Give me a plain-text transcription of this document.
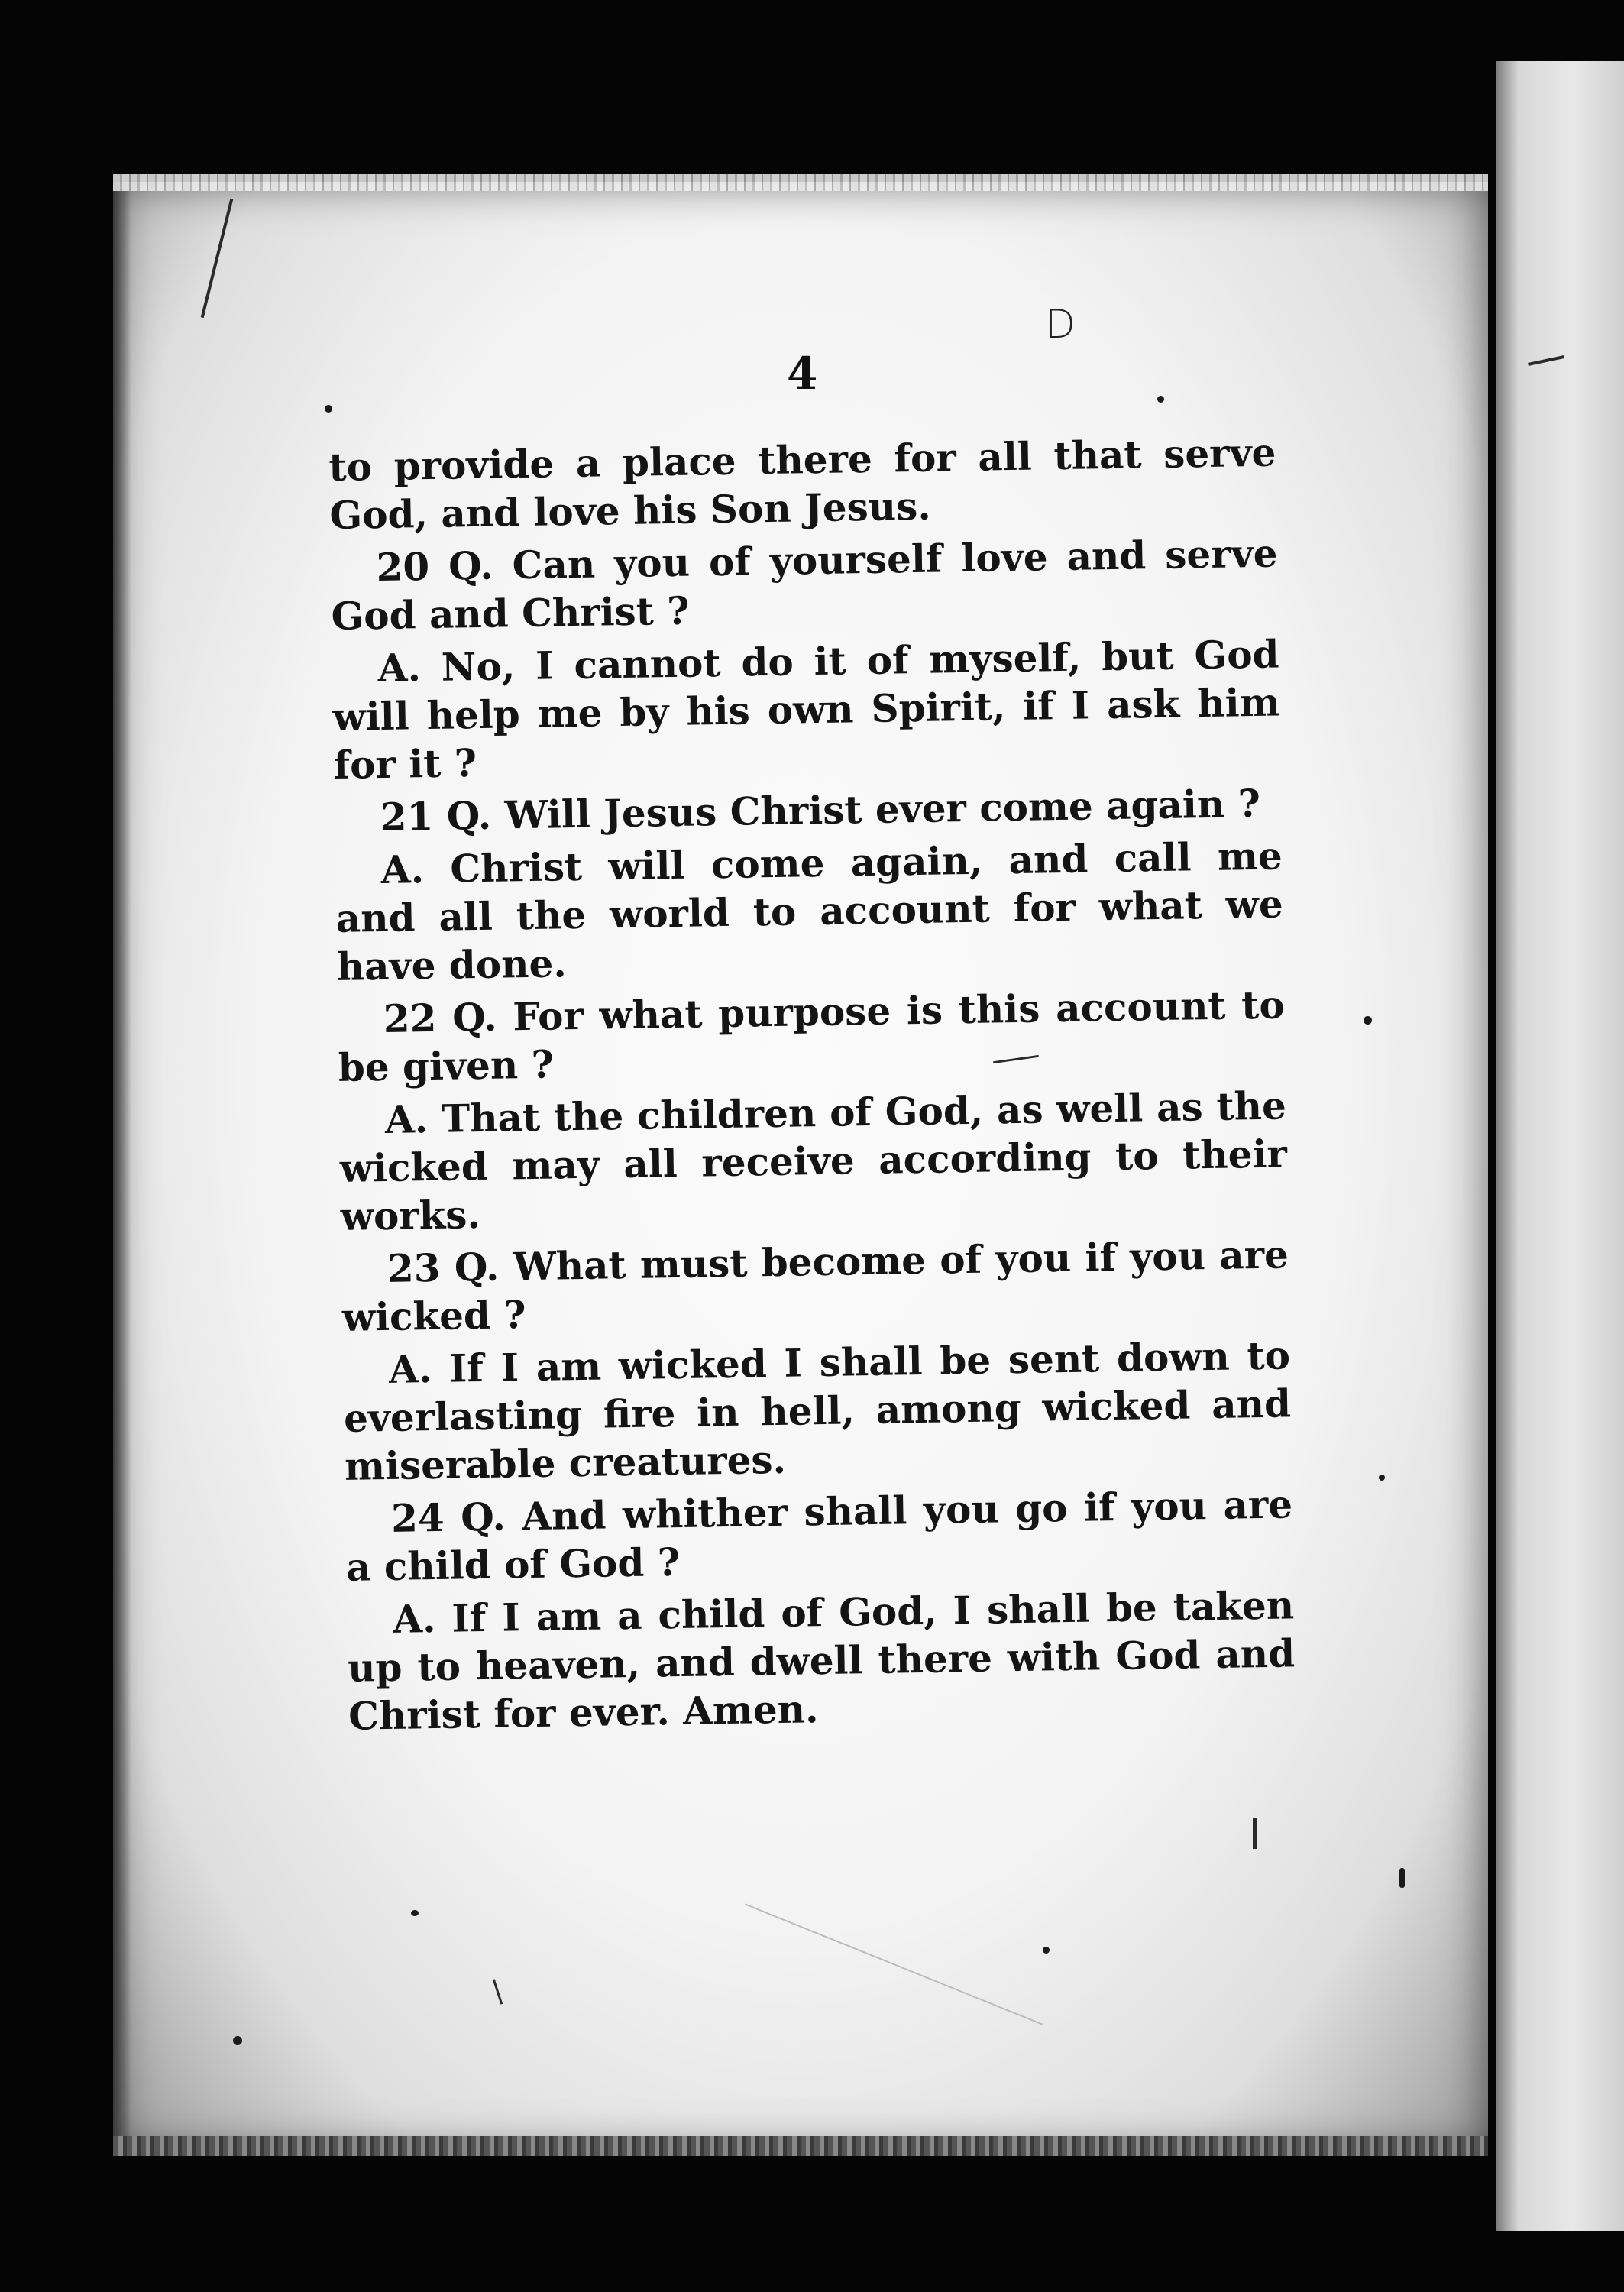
4
D

to provide a place there for all that serve God, and love his Son Jesus.

20 Q. Can you of yourself love and serve God and Christ ?

A. No, I cannot do it of myself, but God will help me by his own Spirit, if I ask him for it ?

21 Q. Will Jesus Christ ever come again ?

A. Christ will come again, and call me and all the world to account for what we have done.

22 Q. For what purpose is this account to be given ?

A. That the children of God, as well as the wicked may all receive according to their works.

23 Q. What must become of you if you are wicked ?

A. If I am wicked I shall be sent down to everlasting fire in hell, among wicked and miserable creatures.

24 Q. And whither shall you go if you are a child of God ?

A. If I am a child of God, I shall be taken up to heaven, and dwell there with God and Christ for ever. Amen.
